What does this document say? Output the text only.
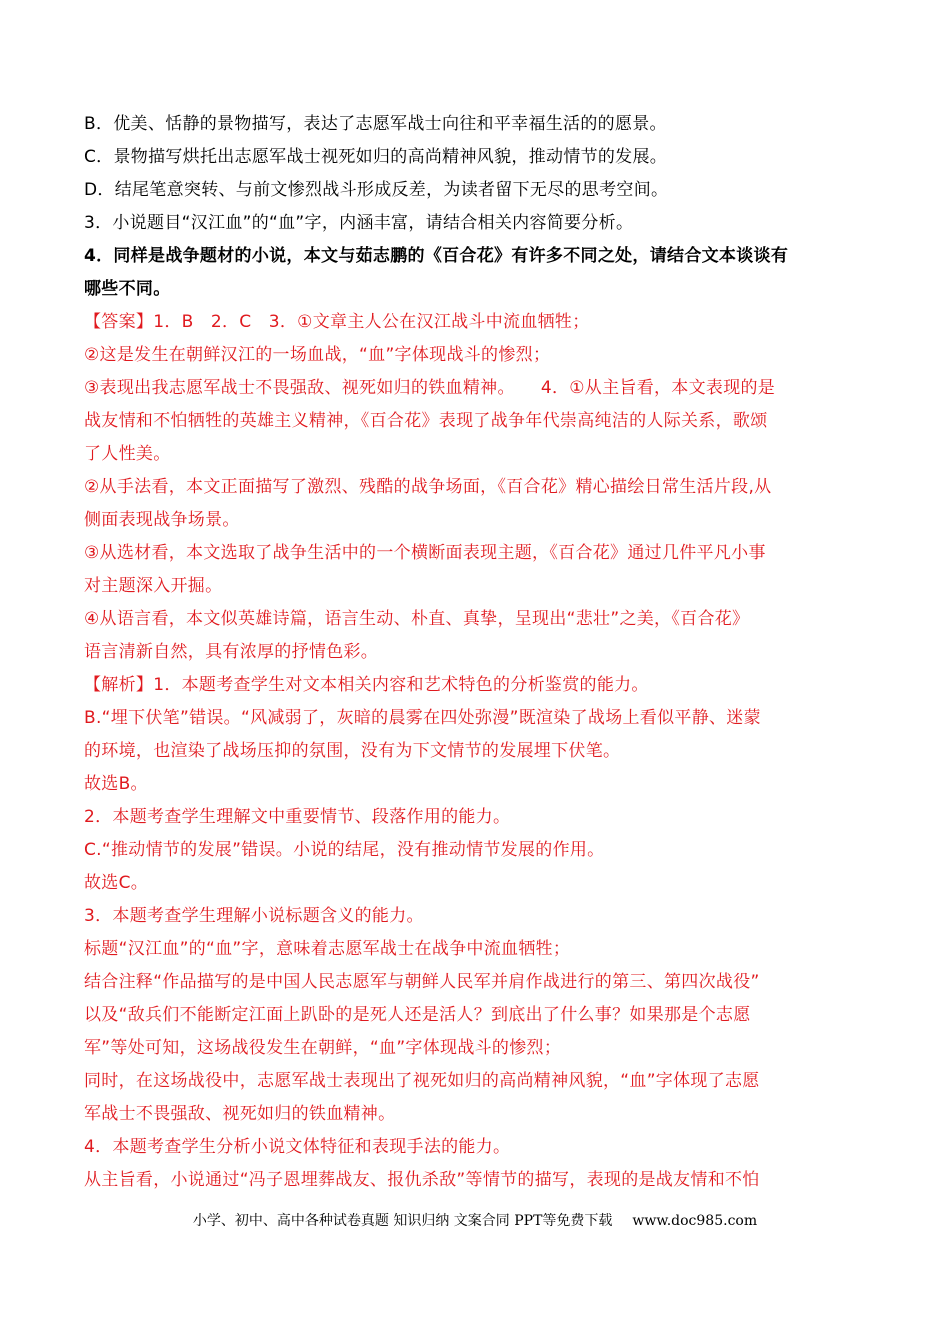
B．优美、恬静的景物描写，表达了志愿军战士向往和平幸福生活的的愿景。
C．景物描写烘托出志愿军战士视死如归的高尚精神风貌，推动情节的发展。
D．结尾笔意突转、与前文惨烈战斗形成反差，为读者留下无尽的思考空间。
3．小说题目“汉江血”的“血”字，内涵丰富，请结合相关内容简要分析。
4．同样是战争题材的小说，本文与茹志鹏的《百合花》有许多不同之处，请结合文本谈谈有
哪些不同。
【答案】1．B　2．C　3．①文章主人公在汉江战斗中流血牺牲；
②这是发生在朝鲜汉江的一场血战，“血”字体现战斗的惨烈；
③表现出我志愿军战士不畏强敌、视死如归的铁血精神。　　4．①从主旨看，本文表现的是
战友情和不怕牺牲的英雄主义精神，《百合花》表现了战争年代崇高纯洁的人际关系，歌颂
了人性美。
②从手法看，本文正面描写了激烈、残酷的战争场面，《百合花》精心描绘日常生活片段,从
侧面表现战争场景。
③从选材看，本文选取了战争生活中的一个横断面表现主题，《百合花》通过几件平凡小事
对主题深入开掘。
④从语言看，本文似英雄诗篇，语言生动、朴直、真挚，呈现出“悲壮”之美，《百合花》
语言清新自然，具有浓厚的抒情色彩。
【解析】1．本题考查学生对文本相关内容和艺术特色的分析鉴赏的能力。
B.“埋下伏笔”错误。“风减弱了，灰暗的晨雾在四处弥漫”既渲染了战场上看似平静、迷蒙
的环境，也渲染了战场压抑的氛围，没有为下文情节的发展埋下伏笔。
故选B。
2．本题考查学生理解文中重要情节、段落作用的能力。
C.“推动情节的发展”错误。小说的结尾，没有推动情节发展的作用。
故选C。
3．本题考查学生理解小说标题含义的能力。
标题“汉江血”的“血”字，意味着志愿军战士在战争中流血牺牲；
结合注释“作品描写的是中国人民志愿军与朝鲜人民军并肩作战进行的第三、第四次战役”
以及“敌兵们不能断定江面上趴卧的是死人还是活人？到底出了什么事？如果那是个志愿
军”等处可知，这场战役发生在朝鲜，“血”字体现战斗的惨烈；
同时，在这场战役中，志愿军战士表现出了视死如归的高尚精神风貌，“血”字体现了志愿
军战士不畏强敌、视死如归的铁血精神。
4．本题考查学生分析小说文体特征和表现手法的能力。
从主旨看，小说通过“冯子恩埋葬战友、报仇杀敌”等情节的描写，表现的是战友情和不怕
小学、初中、高中各种试卷真题 知识归纳 文案合同 PPT等免费下载 www.doc985.com
